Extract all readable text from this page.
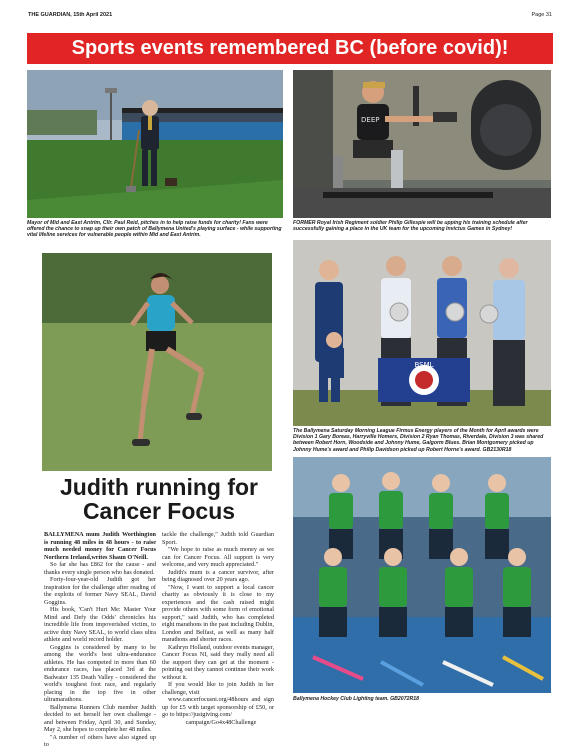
THE GUARDIAN, 15th April 2021	Page 31
Sports events remembered BC (before covid)!
Mayor of Mid and East Antrim, Cllr. Paul Reid, pitches in to help raise funds for charity! Fans were offered the chance to snap up their own patch of Ballymena United's playing surface - while supporting vital lifeline services for vulnerable people within Mid and East Antrim.
DEEP
FORMER Royal Irish Regiment soldier Philip Gillespie will be upping his training schedule after successfully gaining a place in the UK team for the upcoming Invictus Games in Sydney!
Judith running for Cancer Focus

BALLYMENA mum Judith Worthington is running 48 miles in 48 hours - to raise much needed money for Cancer Focus Northern Ireland,writes Shaun O'Neill.

So far she has £862 for the cause - and thanks every single person who has donated.

Forty-four-year-old Judith got her inspiration for the challenge after reading of the exploits of former Navy SEAL, David Goggins.

His book, 'Can't Hurt Me: Master Your Mind and Defy the Odds' chronicles his incredible life from impoverished victim, to active duty Navy SEAL, to world class ultra athlete and world record holder.

Goggins is considered by many to be among the world's best ultra-endurance athletes. He has competed in more than 60 endurance races, has placed 3rd at the Badwater 135 Death Valley - considered the world's toughest foot race, and regularly placing in the top five in other ultramarathons.

Ballymena Runners Club member Judith decided to set herself her own challenge - and between Friday, April 30, and Sunday, May 2, she hopes to complete her 48 miles.

"A number of others have also signed up to

tackle the challenge," Judith told Guardian Sport.

"We hope to raise as much money as we can for Cancer Focus. All support is very welcome, and very much appreciated."

Judith's mum is a cancer survivor, after being diagnosed over 20 years ago.

"Now, I want to support a local cancer charity as obviously it is close to my experiences and the cash raised might provide others with some form of emotional support," said Judith, who has completed eight marathons in the past including Dublin, London and Belfast, as well as many half marathons and shorter races.

Kathryn Holland, outdoor events manager, Cancer Focus NI, said they really need all the support they can get at the moment - pointing out they cannot continue their work without it.

If you would like to join Judith in her challenge, visit

www.cancerfocusni.org/48hours and sign up for £5 with target sponsorship of £50, or go to https://justgiving.com/

campaign/Go4x48Challenge

BSML
The Ballymena Saturday Morning League Firmus Energy players of the Month for April awards were Division 1 Gary Boreas, Harryville Homers, Division 2 Ryan Thomas, Riverdale, Division 3 was shared between Robert Horn, Woodside and Johnny Hume, Galgorm Blues. Brian Montgomery picked up Johnny Hume's award and Philip Davidson picked up Robert Horne's award. GB2130R18
Ballymena Hockey Club Lighting team. GB2072R18
